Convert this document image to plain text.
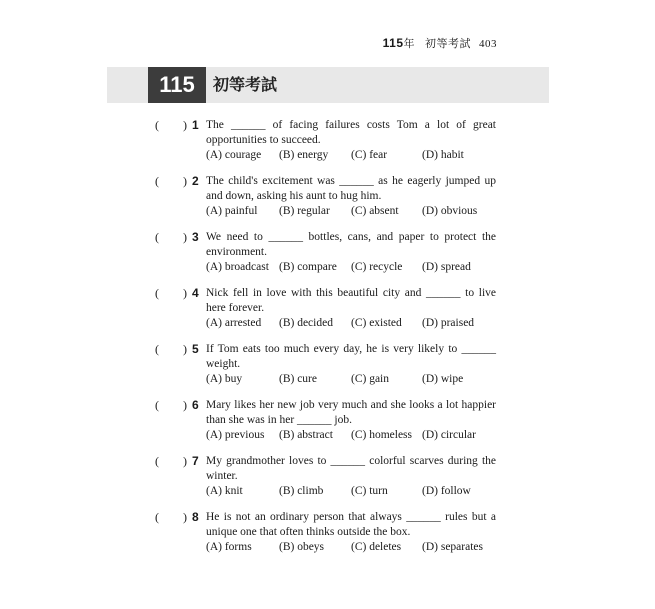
115年 初等考試 403
115	初等考試
( ) 1 The ______ of facing failures costs Tom a lot of great opportunities to succeed.
(A) courage (B) energy (C) fear	(D) habit
( ) 2 The child's excitement was ______ as he eagerly jumped up and down, asking his aunt to hug him.
(A) painful (B) regular (C) absent (D) obvious
( ) 3 We need to ______ bottles, cans, and paper to protect the environment.
(A) broadcast (B) compare (C) recycle (D) spread
( ) 4 Nick fell in love with this beautiful city and ______ to live here forever.
(A) arrested (B) decided (C) existed (D) praised
( ) 5 If Tom eats too much every day, he is very likely to ______ weight.
(A) buy	(B) cure	(C) gain	(D) wipe
( ) 6 Mary likes her new job very much and she looks a lot happier than she was in her ______ job.
(A) previous (B) abstract (C) homeless (D) circular
( ) 7 My grandmother loves to ______ colorful scarves during the winter.
(A) knit	(B) climb (C) turn	(D) follow
( ) 8 He is not an ordinary person that always ______ rules but a unique one that often thinks outside the box.
(A) forms (B) obeys (C) deletes (D) separates
